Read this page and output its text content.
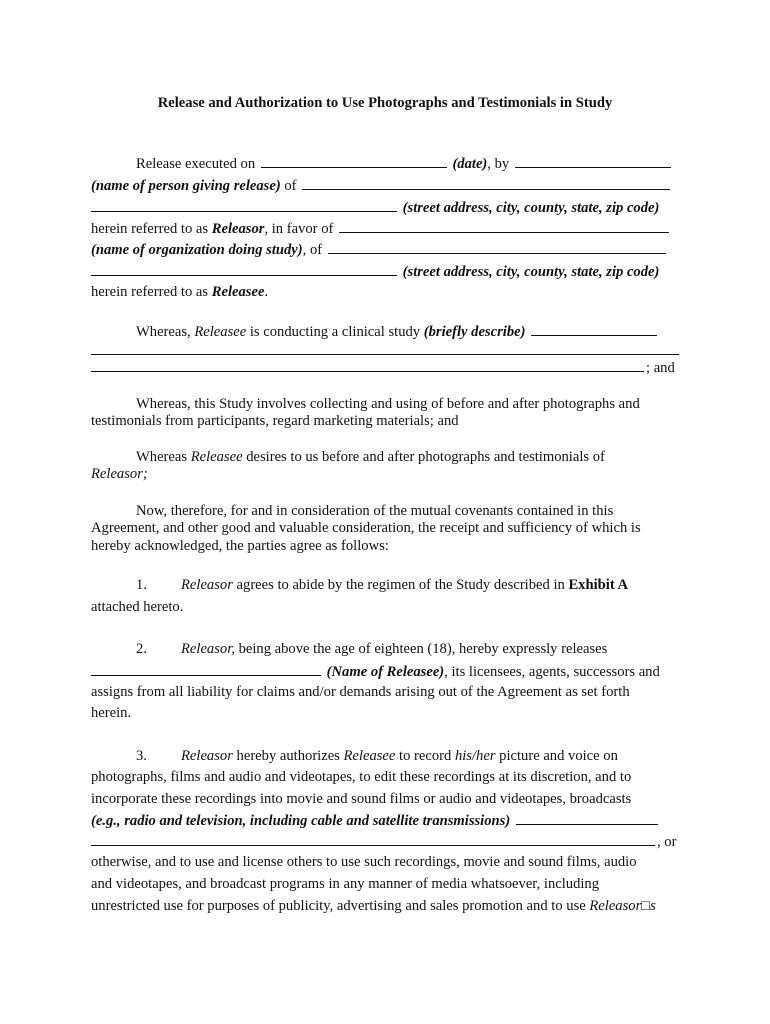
Release and Authorization to Use Photographs and Testimonials in Study
Release executed on	(date), by
(name of person giving release) of
(street address, city, county, state, zip code)
herein referred to as Releasor, in favor of
(name of organization doing study), of
(street address, city, county, state, zip code)
herein referred to as Releasee.
Whereas, Releasee is conducting a clinical study (briefly describe)
; and
Whereas, this Study involves collecting and using of before and after photographs and
testimonials from participants, regard marketing materials; and
Whereas Releasee desires to us before and after photographs and testimonials of
Releasor;
Now, therefore, for and in consideration of the mutual covenants contained in this
Agreement, and other good and valuable consideration, the receipt and sufficiency of which is
hereby acknowledged, the parties agree as follows:
1. Releasor agrees to abide by the regimen of the Study described in Exhibit A
attached hereto.
2. Releasor, being above the age of eighteen (18), hereby expressly releases
(Name of Releasee), its licensees, agents, successors and
assigns from all liability for claims and/or demands arising out of the Agreement as set forth
herein.
3. Releasor hereby authorizes Releasee to record his/her picture and voice on
photographs, films and audio and videotapes, to edit these recordings at its discretion, and to
incorporate these recordings into movie and sound films or audio and videotapes, broadcasts
(e.g., radio and television, including cable and satellite transmissions)
, or
otherwise, and to use and license others to use such recordings, movie and sound films, audio
and videotapes, and broadcast programs in any manner of media whatsoever, including
unrestricted use for purposes of publicity, advertising and sales promotion and to use Releasor□s
